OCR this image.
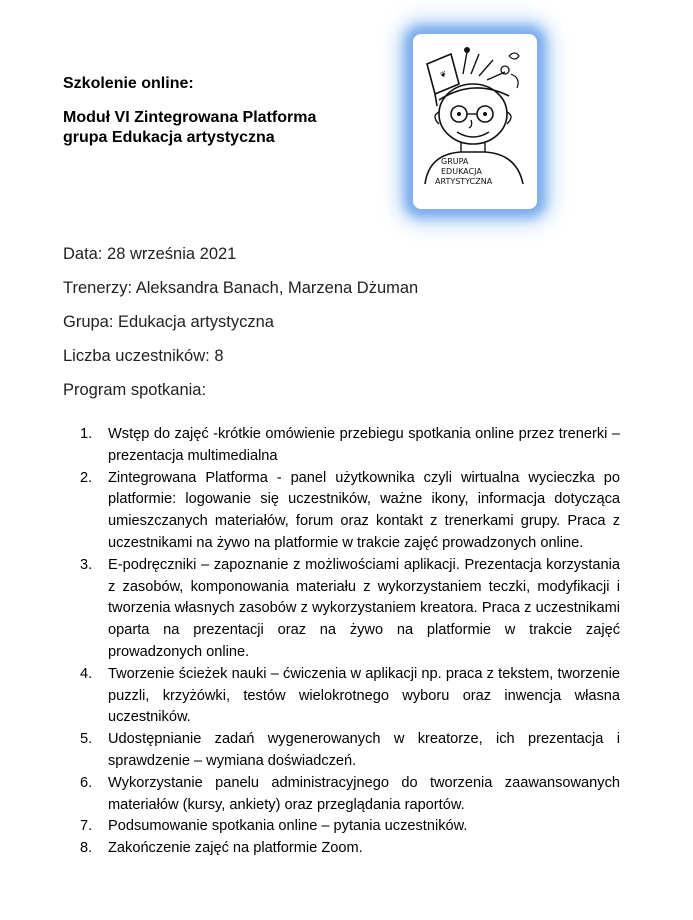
Szkolenie online:
Moduł VI Zintegrowana Platforma
grupa Edukacja artystyczna
❦
GRUPA
EDUKACJA
ARTYSTYCZNA
Data: 28 września 2021
Trenerzy: Aleksandra Banach, Marzena Dżuman
Grupa: Edukacja artystyczna
Liczba uczestników: 8
Program spotkania:
1. Wstęp do zajęć -krótkie omówienie przebiegu spotkania online przez trenerki – prezentacja multimedialna
2. Zintegrowana Platforma - panel użytkownika czyli wirtualna wycieczka po platformie: logowanie się uczestników, ważne ikony, informacja dotycząca umieszczanych materiałów, forum oraz kontakt z trenerkami grupy. Praca z uczestnikami na żywo na platformie w trakcie zajęć prowadzonych online.
3. E-podręczniki – zapoznanie z możliwościami aplikacji. Prezentacja korzystania z zasobów, komponowania materiału z wykorzystaniem teczki, modyfikacji i tworzenia własnych zasobów z wykorzystaniem kreatora. Praca z uczestnikami oparta na prezentacji oraz na żywo na platformie w trakcie zajęć prowadzonych online.
4. Tworzenie ścieżek nauki – ćwiczenia w aplikacji np. praca z tekstem, tworzenie puzzli, krzyżówki, testów wielokrotnego wyboru oraz inwencja własna uczestników.
5. Udostępnianie zadań wygenerowanych w kreatorze, ich prezentacja i sprawdzenie – wymiana doświadczeń.
6. Wykorzystanie panelu administracyjnego do tworzenia zaawansowanych materiałów (kursy, ankiety) oraz przeglądania raportów.
7. Podsumowanie spotkania online – pytania uczestników.
8. Zakończenie zajęć na platformie Zoom.
